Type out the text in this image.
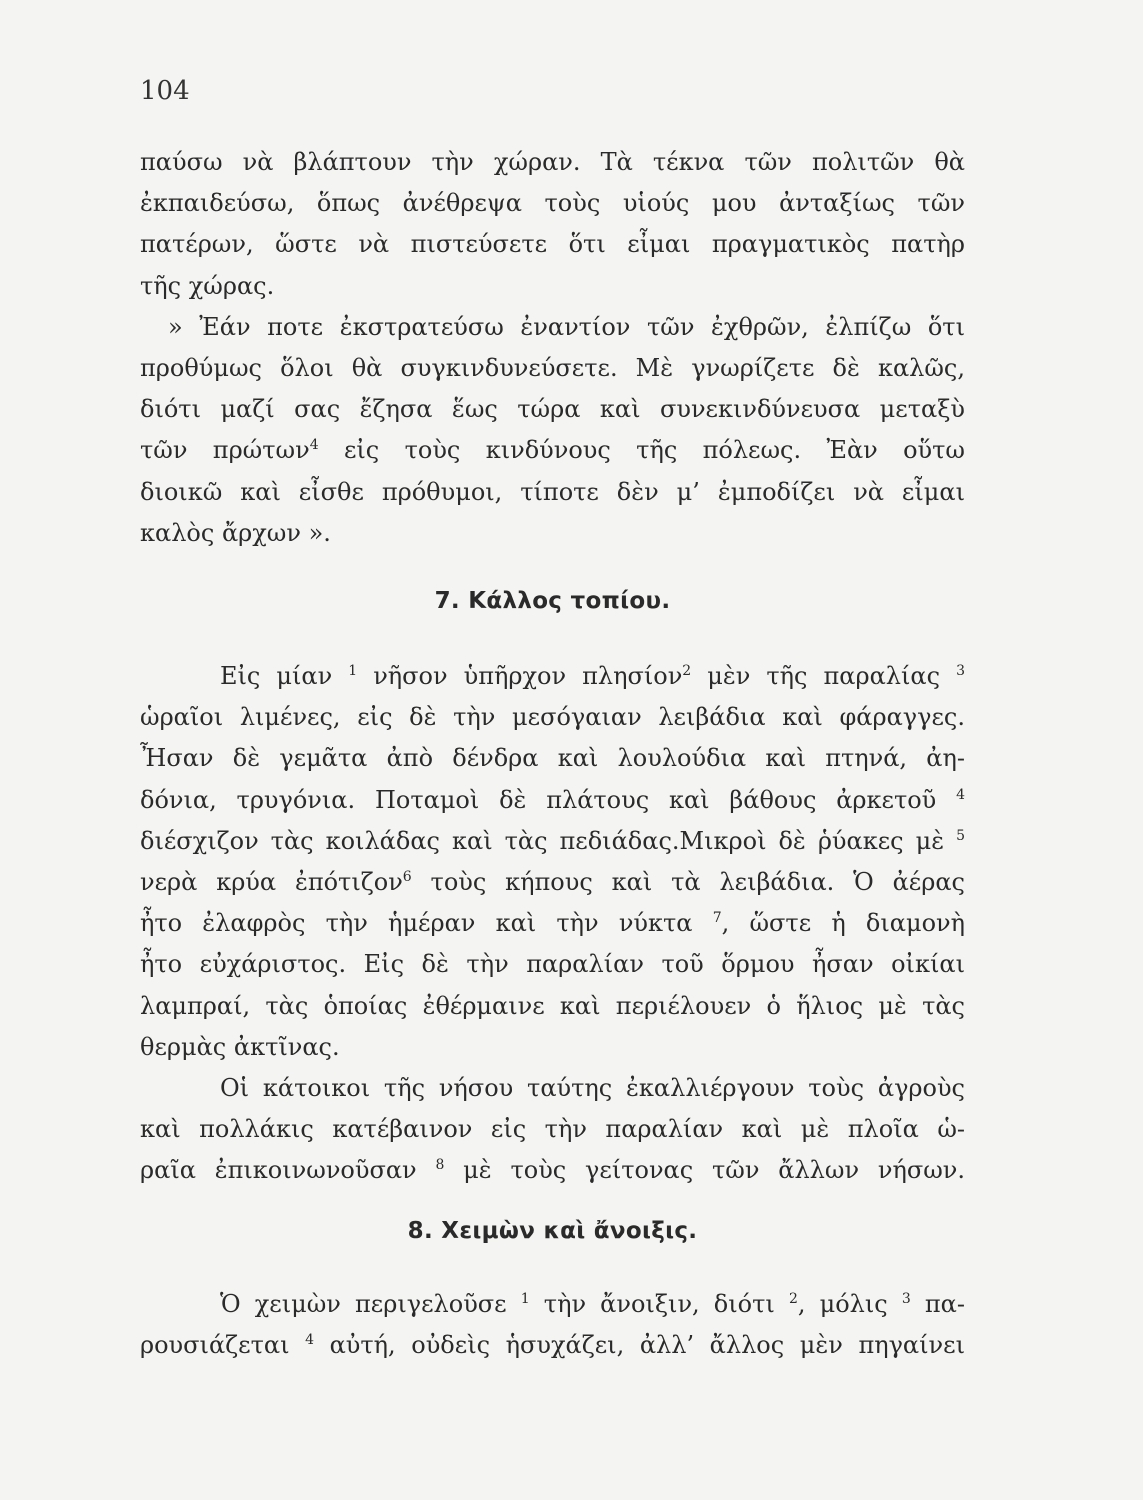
104
παύσω νὰ βλάπτουν τὴν χώραν. Τὰ τέκνα τῶν πολιτῶν θὰ
ἐκπαιδεύσω, ὅπως ἀνέθρεψα τοὺς υἱούς μου ἀνταξίως τῶν
πατέρων, ὥστε νὰ πιστεύσετε ὅτι εἶμαι πραγματικὸς πατὴρ
τῆς χώρας.
» Ἐάν ποτε ἐκστρατεύσω ἐναντίον τῶν ἐχθρῶν, ἐλπίζω ὅτι
προθύμως ὅλοι θὰ συγκινδυνεύσετε. Μὲ γνωρίζετε δὲ καλῶς,
διότι μαζί σας ἔζησα ἕως τώρα καὶ συνεκινδύνευσα μεταξὺ
τῶν πρώτων$^4$ εἰς τοὺς κινδύνους τῆς πόλεως. Ἐὰν οὕτω
διοικῶ καὶ εἶσθε πρόθυμοι, τίποτε δὲν μ’ ἐμποδίζει νὰ εἶμαι
καλὸς ἄρχων ».
7. Κάλλος τοπίου.
Εἰς μίαν $^1$ νῆσον ὑπῆρχον πλησίον$^2$ μὲν τῆς παραλίας $^3$
ὡραῖοι λιμένες, εἰς δὲ τὴν μεσόγαιαν λειβάδια καὶ φάραγγες.
Ἦσαν δὲ γεμᾶτα ἀπὸ δένδρα καὶ λουλούδια καὶ πτηνά, ἀη-
δόνια, τρυγόνια. Ποταμοὶ δὲ πλάτους καὶ βάθους ἀρκετοῦ $^4$
διέσχιζον τὰς κοιλάδας καὶ τὰς πεδιάδας.Μικροὶ δὲ ῥύακες μὲ $^5$
νερὰ κρύα ἐπότιζον$^6$ τοὺς κήπους καὶ τὰ λειβάδια. Ὁ ἀέρας
ἦτο ἐλαφρὸς τὴν ἡμέραν καὶ τὴν νύκτα $^7$, ὥστε ἡ διαμονὴ
ἦτο εὐχάριστος. Εἰς δὲ τὴν παραλίαν τοῦ ὅρμου ἦσαν οἰκίαι
λαμπραί, τὰς ὁποίας ἐθέρμαινε καὶ περιέλουεν ὁ ἥλιος μὲ τὰς
θερμὰς ἀκτῖνας.
Οἱ κάτοικοι τῆς νήσου ταύτης ἐκαλλιέργουν τοὺς ἀγροὺς
καὶ πολλάκις κατέβαινον εἰς τὴν παραλίαν καὶ μὲ πλοῖα ὡ-
ραῖα ἐπικοινωνοῦσαν $^8$ μὲ τοὺς γείτονας τῶν ἄλλων νήσων.
8. Χειμὼν καὶ ἄνοιξις.
Ὁ χειμὼν περιγελοῦσε $^1$ τὴν ἄνοιξιν, διότι $^2$, μόλις $^3$ πα-
ρουσιάζεται $^4$ αὐτή, οὐδεὶς ἡσυχάζει, ἀλλ’ ἄλλος μὲν πηγαίνει
